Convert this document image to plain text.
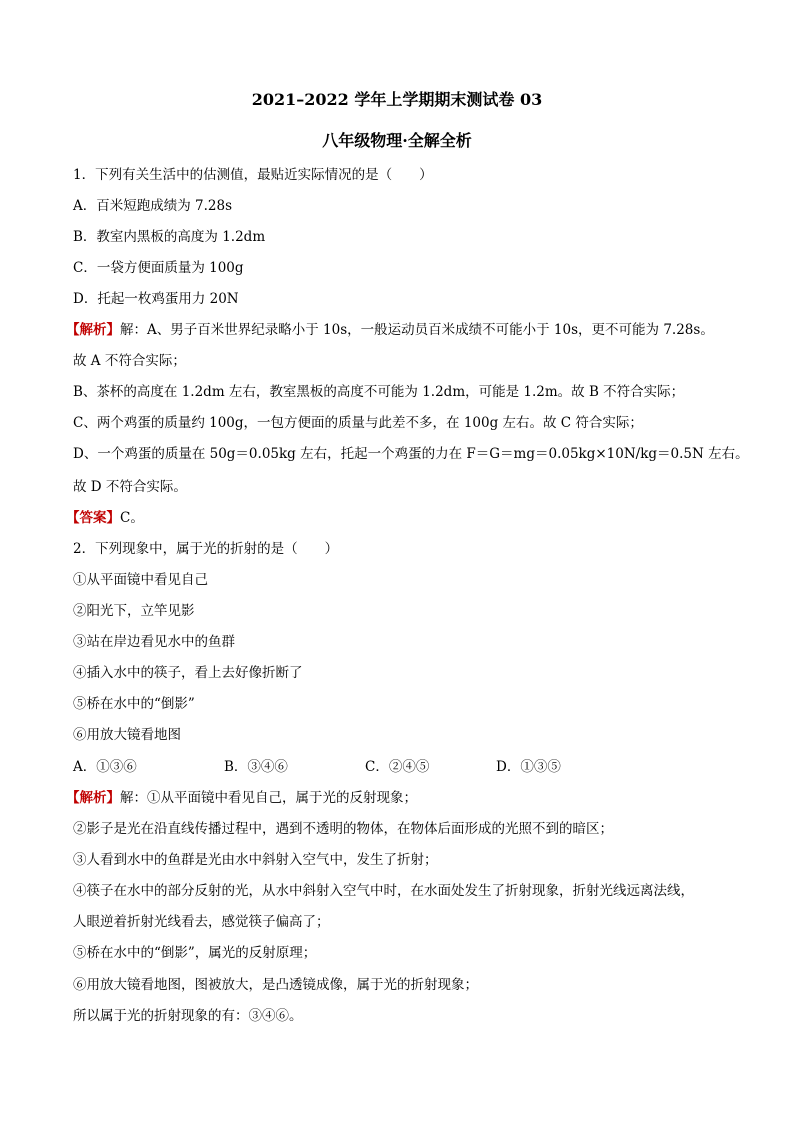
2021–2022 学年上学期期末测试卷 03
八年级物理·全解全析
1．下列有关生活中的估测值，最贴近实际情况的是（　　）
A．百米短跑成绩为 7.28s
B．教室内黑板的高度为 1.2dm
C．一袋方便面质量为 100g
D．托起一枚鸡蛋用力 20N
【解析】解：A、男子百米世界纪录略小于 10s，一般运动员百米成绩不可能小于 10s，更不可能为 7.28s。
故 A 不符合实际；
B、茶杯的高度在 1.2dm 左右，教室黑板的高度不可能为 1.2dm，可能是 1.2m。故 B 不符合实际；
C、两个鸡蛋的质量约 100g，一包方便面的质量与此差不多，在 100g 左右。故 C 符合实际；
D、一个鸡蛋的质量在 50g＝0.05kg 左右，托起一个鸡蛋的力在 F＝G＝mg＝0.05kg×10N/kg＝0.5N 左右。
故 D 不符合实际。
【答案】C。
2．下列现象中，属于光的折射的是（　　）
①从平面镜中看见自己
②阳光下，立竿见影
③站在岸边看见水中的鱼群
④插入水中的筷子，看上去好像折断了
⑤桥在水中的“倒影”
⑥用放大镜看地图
A．①③⑥	B．③④⑥	C．②④⑤	D．①③⑤
【解析】解：①从平面镜中看见自己，属于光的反射现象；
②影子是光在沿直线传播过程中，遇到不透明的物体，在物体后面形成的光照不到的暗区；
③人看到水中的鱼群是光由水中斜射入空气中，发生了折射；
④筷子在水中的部分反射的光，从水中斜射入空气中时，在水面处发生了折射现象，折射光线远离法线，
人眼逆着折射光线看去，感觉筷子偏高了；
⑤桥在水中的“倒影”，属光的反射原理；
⑥用放大镜看地图，图被放大，是凸透镜成像，属于光的折射现象；
所以属于光的折射现象的有：③④⑥。
